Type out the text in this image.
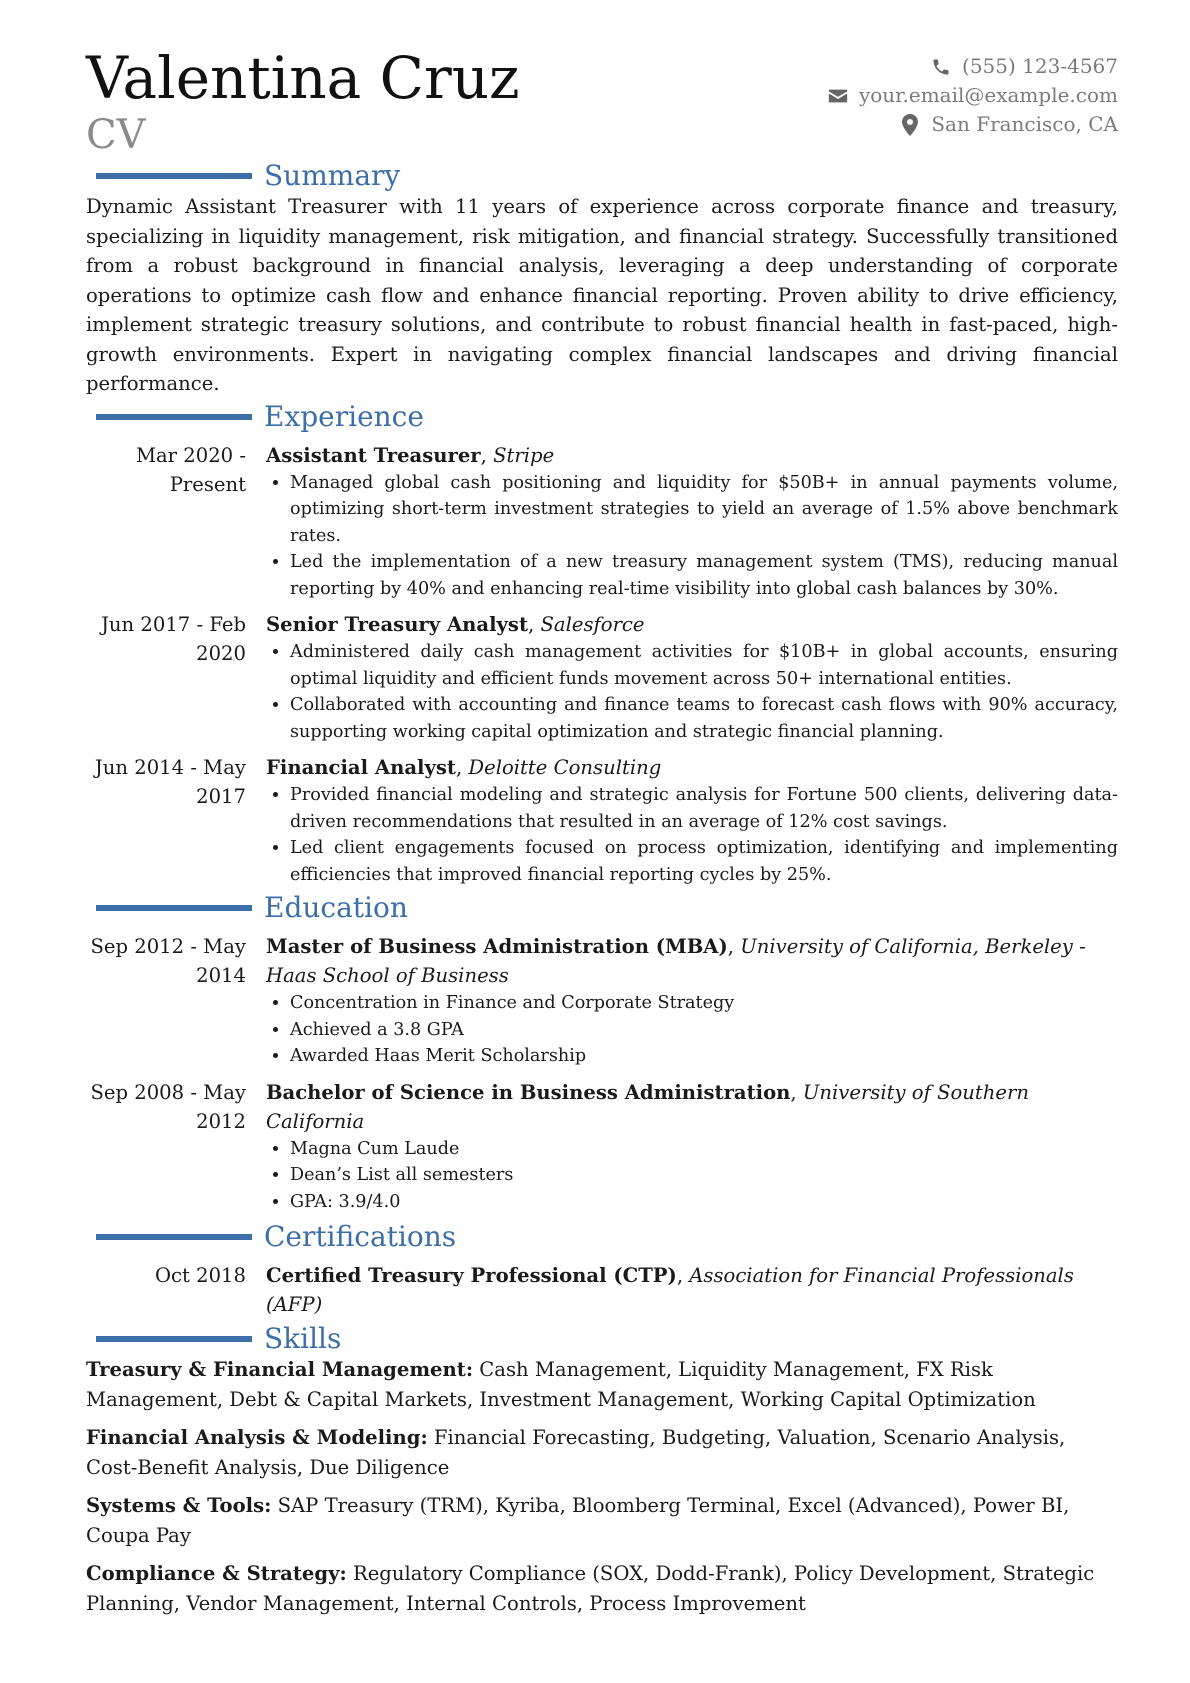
Valentina Cruz
CV
(555) 123-4567
your.email@example.com
San Francisco, CA
Summary

Dynamic Assistant Treasurer with 11 years of experience across corporate finance and treasury, specializing in liquidity management, risk mitigation, and financial strategy. Successfully transitioned from a robust background in financial analysis, leveraging a deep understanding of corporate operations to optimize cash flow and enhance financial reporting. Proven ability to drive efficiency, implement strategic treasury solutions, and contribute to robust financial health in fast-paced, high-growth environments. Expert in navigating complex financial landscapes and driving financial performance.

Experience
Mar 2020 - Present
Assistant Treasurer, Stripe
• Managed global cash positioning and liquidity for $50B+ in annual payments volume, optimizing short-term investment strategies to yield an average of 1.5% above benchmark rates.
• Led the implementation of a new treasury management system (TMS), reducing manual reporting by 40% and enhancing real-time visibility into global cash balances by 30%.
Jun 2017 - Feb 2020
Senior Treasury Analyst, Salesforce
• Administered daily cash management activities for $10B+ in global accounts, ensuring optimal liquidity and efficient funds movement across 50+ international entities.
• Collaborated with accounting and finance teams to forecast cash flows with 90% accuracy, supporting working capital optimization and strategic financial planning.
Jun 2014 - May 2017
Financial Analyst, Deloitte Consulting
• Provided financial modeling and strategic analysis for Fortune 500 clients, delivering data-driven recommendations that resulted in an average of 12% cost savings.
• Led client engagements focused on process optimization, identifying and implementing efficiencies that improved financial reporting cycles by 25%.
Education
Sep 2012 - May 2014
Master of Business Administration (MBA), University of California, Berkeley - Haas School of Business
• Concentration in Finance and Corporate Strategy
• Achieved a 3.8 GPA
• Awarded Haas Merit Scholarship
Sep 2008 - May 2012
Bachelor of Science in Business Administration, University of Southern California
• Magna Cum Laude
• Dean’s List all semesters
• GPA: 3.9/4.0
Certifications
Oct 2018	Certified Treasury Professional (CTP), Association for Financial Professionals (AFP)
Skills
Treasury & Financial Management: Cash Management, Liquidity Management, FX Risk Management, Debt & Capital Markets, Investment Management, Working Capital Optimization
Financial Analysis & Modeling: Financial Forecasting, Budgeting, Valuation, Scenario Analysis, Cost-Benefit Analysis, Due Diligence
Systems & Tools: SAP Treasury (TRM), Kyriba, Bloomberg Terminal, Excel (Advanced), Power BI, Coupa Pay
Compliance & Strategy: Regulatory Compliance (SOX, Dodd-Frank), Policy Development, Strategic Planning, Vendor Management, Internal Controls, Process Improvement
